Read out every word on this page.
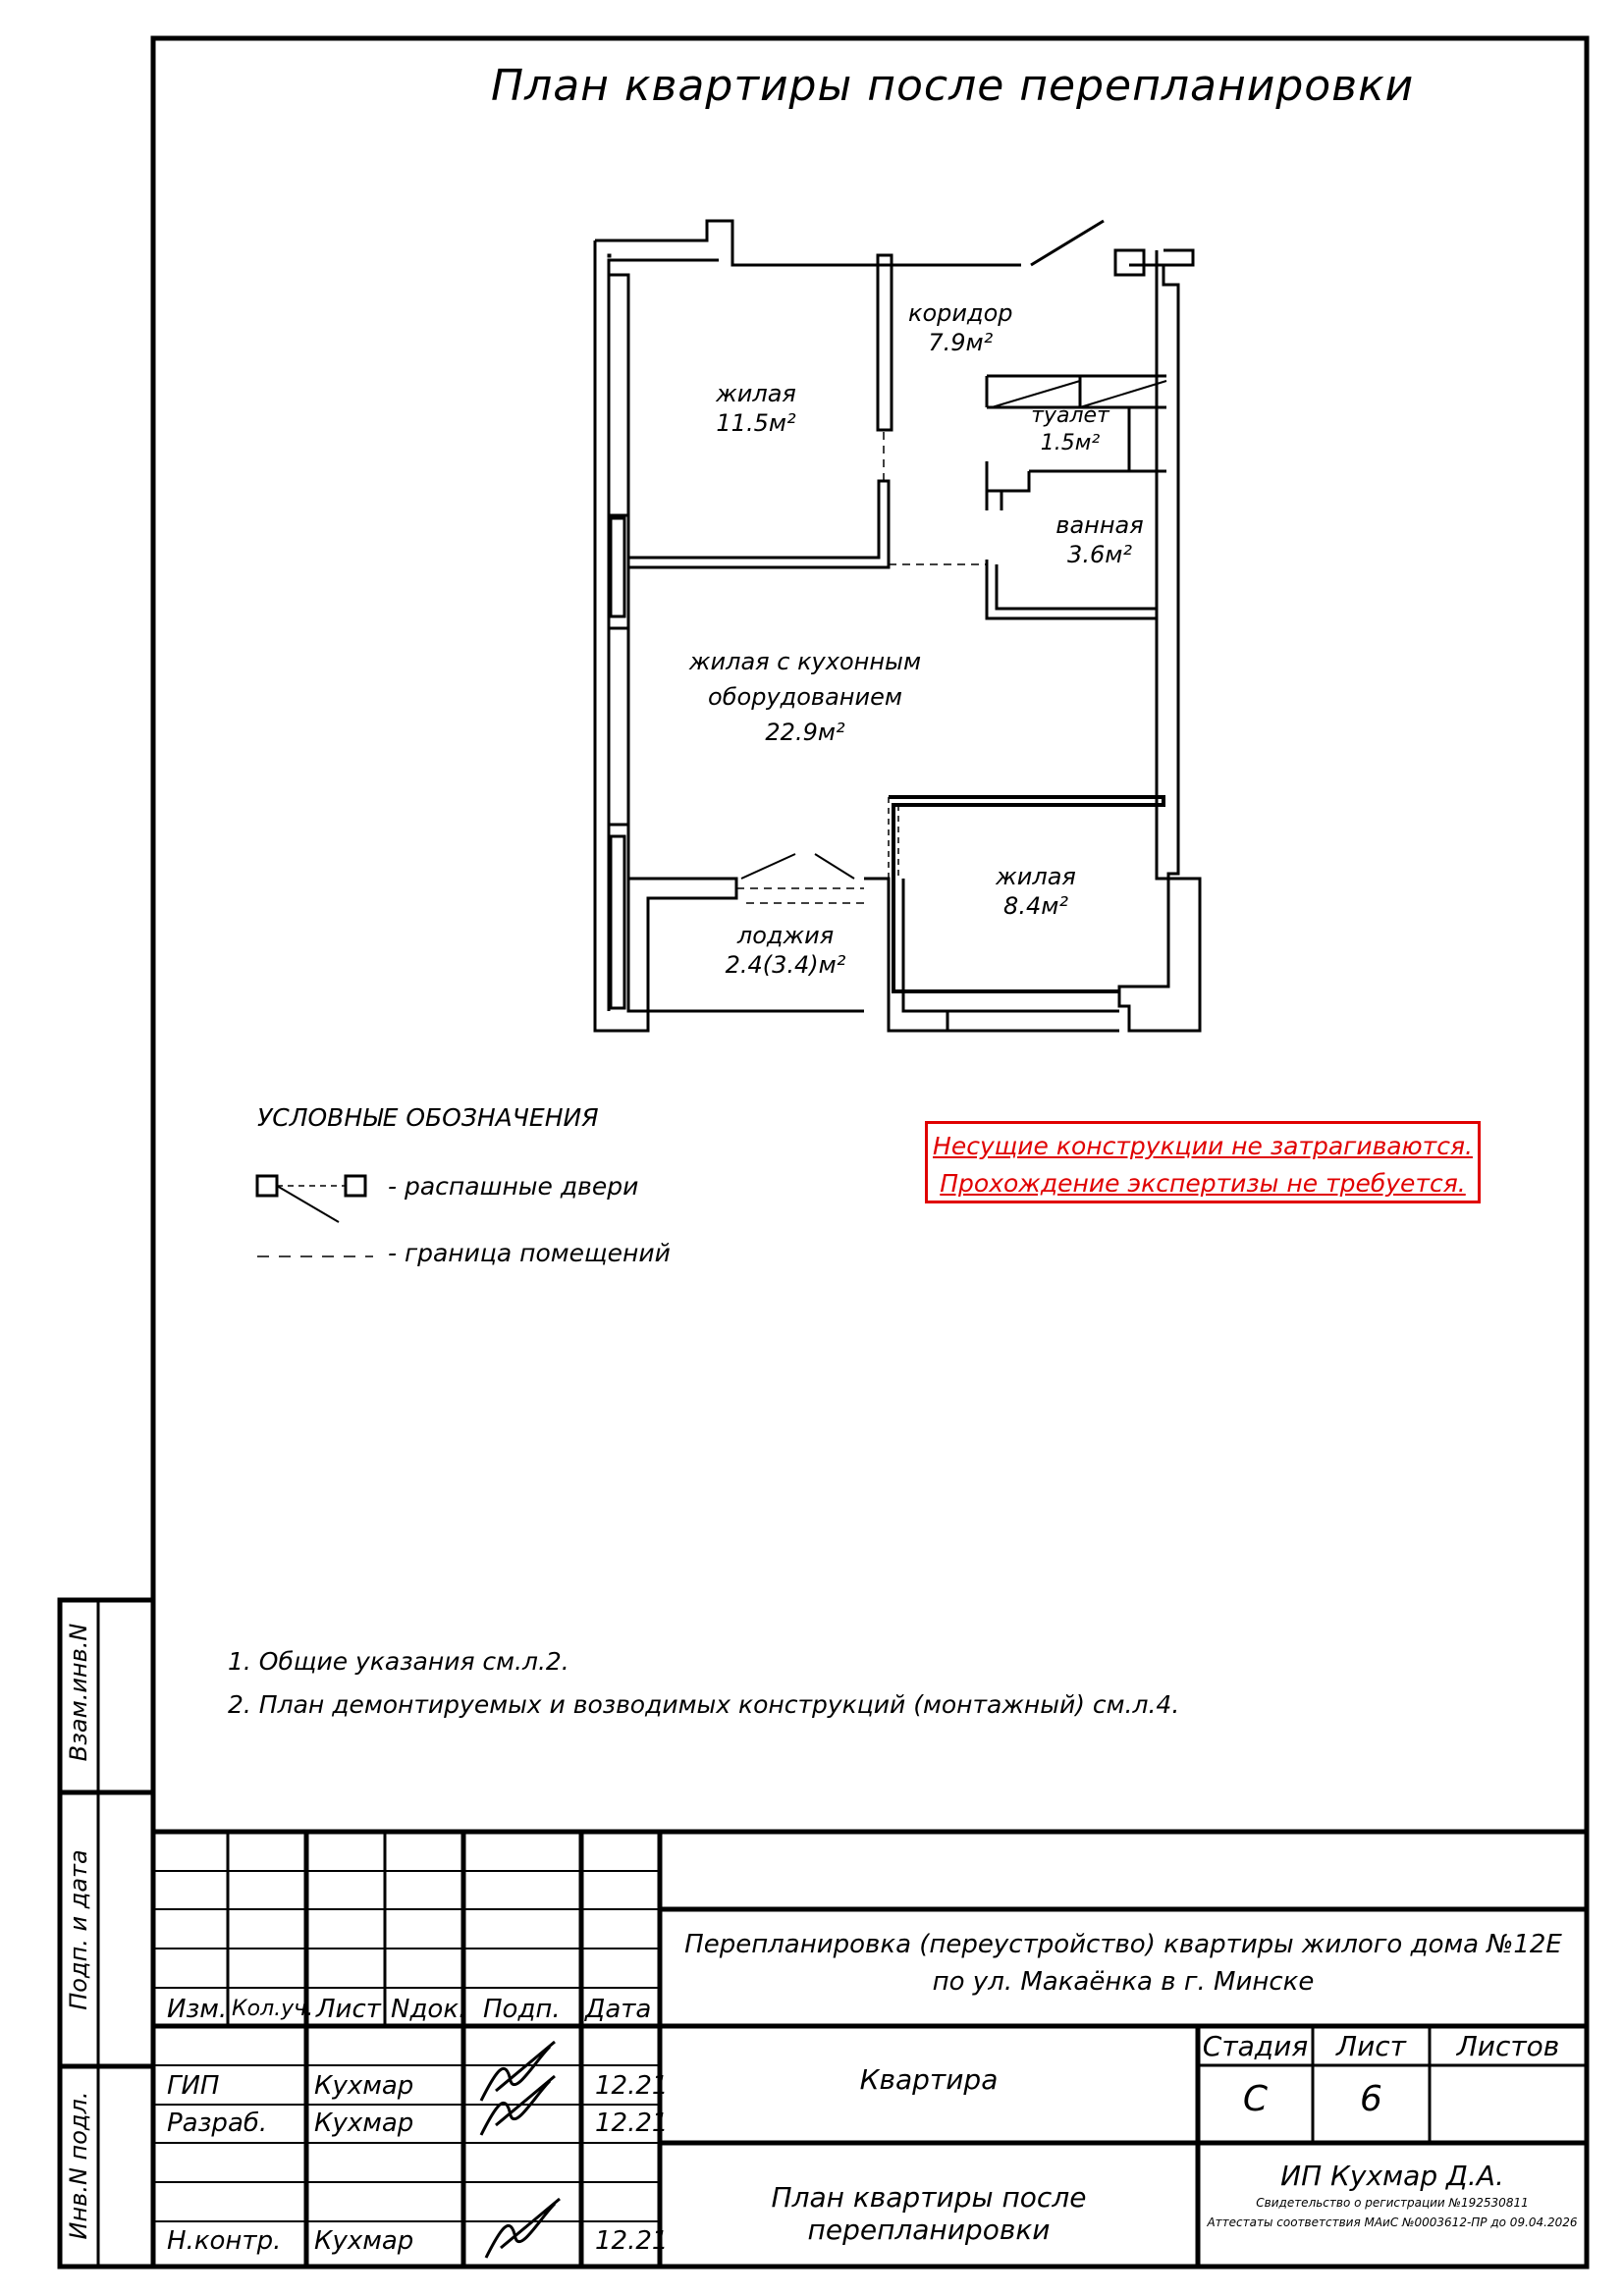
План квартиры после перепланировки
коридор
7.9м²
жилая
11.5м²	туалет
1.5м²
ванная
3.6м²
жилая с кухонным
оборудованием
22.9м²
жилая
8.4м²
лоджия
2.4(3.4)м²
УСЛОВНЫЕ ОБОЗНАЧЕНИЯ
- распашные двери
- граница помещений
Несущие конструкции не затрагиваются.
Прохождение экспертизы не требуется.
1. Общие указания см.л.2.
2. План демонтируемых и возводимых конструкций (монтажный) см.л.4.
Взам.инв.N
Подп. и дата
Инв.N подл.
Изм. Кол.уч. Лист Nдок. Подп. Дата
ГИП	Кухмар	12.21
Разраб. Кухмар	12.21
Н.контр. Кухмар	12.21
Перепланировка (переустройство) квартиры жилого дома №12Е
по ул. Макаёнка в г. Минске
Квартира
План квартиры после перепланировки
Стадия	Лист	Листов
С	6
ИП Кухмар Д.А.
Свидетельство о регистрации №192530811
Аттестаты соответствия МАиС №0003612-ПР до 09.04.2026
